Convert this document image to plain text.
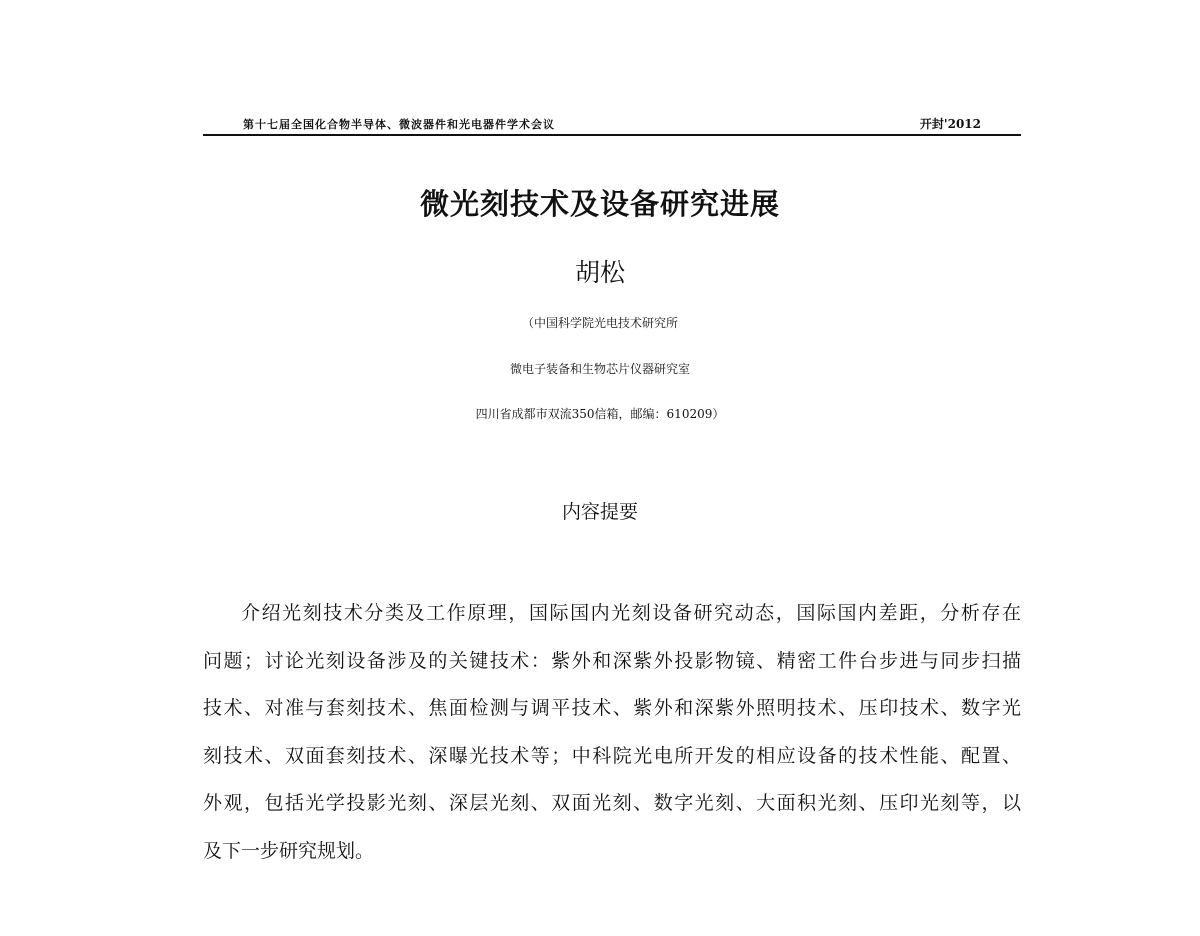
第十七届全国化合物半导体、微波器件和光电器件学术会议	开封'2012
微光刻技术及设备研究进展
胡松
（中国科学院光电技术研究所
微电子装备和生物芯片仪器研究室
四川省成都市双流350信箱，邮编：610209）
内容提要
介绍光刻技术分类及工作原理，国际国内光刻设备研究动态，国际国内差距，分析存在
问题；讨论光刻设备涉及的关键技术：紫外和深紫外投影物镜、精密工件台步进与同步扫描
技术、对准与套刻技术、焦面检测与调平技术、紫外和深紫外照明技术、压印技术、数字光
刻技术、双面套刻技术、深曝光技术等；中科院光电所开发的相应设备的技术性能、配置、
外观，包括光学投影光刻、深层光刻、双面光刻、数字光刻、大面积光刻、压印光刻等，以
及下一步研究规划。
